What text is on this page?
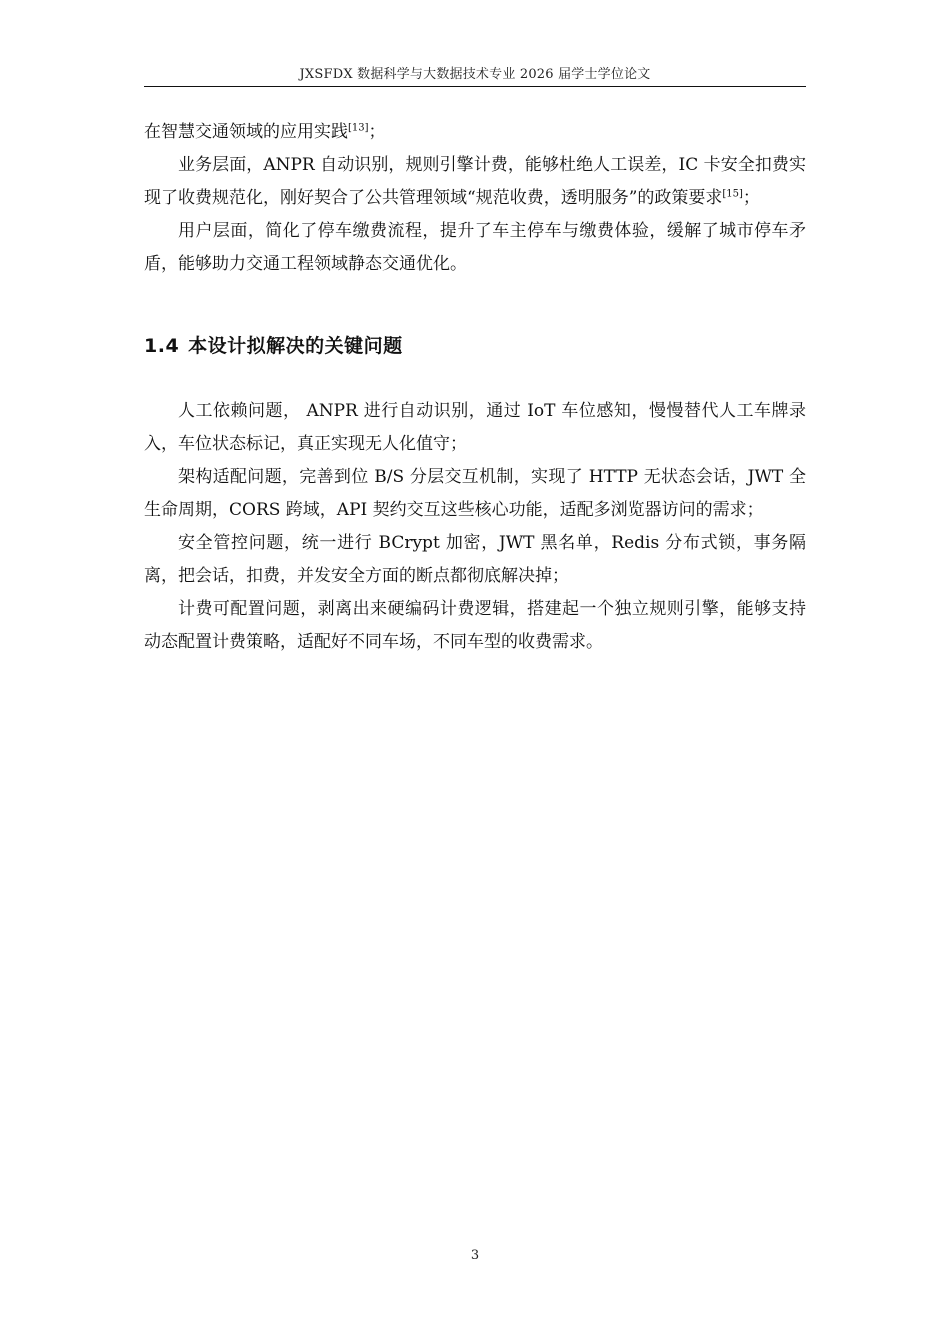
JXSFDX 数据科学与大数据技术专业 2026 届学士学位论文

在智慧交通领域的应用实践[13]；

业务层面，ANPR 自动识别，规则引擎计费，能够杜绝人工误差，IC 卡安全扣费实现了收费规范化，刚好契合了公共管理领域“规范收费，透明服务”的政策要求[15]；

用户层面，简化了停车缴费流程，提升了车主停车与缴费体验，缓解了城市停车矛盾，能够助力交通工程领域静态交通优化。

1.4 本设计拟解决的关键问题

人工依赖问题， ANPR 进行自动识别，通过 IoT 车位感知，慢慢替代人工车牌录入，车位状态标记，真正实现无人化值守；

架构适配问题，完善到位 B/S 分层交互机制，实现了 HTTP 无状态会话，JWT 全生命周期，CORS 跨域，API 契约交互这些核心功能，适配多浏览器访问的需求；

安全管控问题，统一进行 BCrypt 加密，JWT 黑名单，Redis 分布式锁，事务隔离，把会话，扣费，并发安全方面的断点都彻底解决掉；

计费可配置问题，剥离出来硬编码计费逻辑，搭建起一个独立规则引擎，能够支持动态配置计费策略，适配好不同车场，不同车型的收费需求。

3
